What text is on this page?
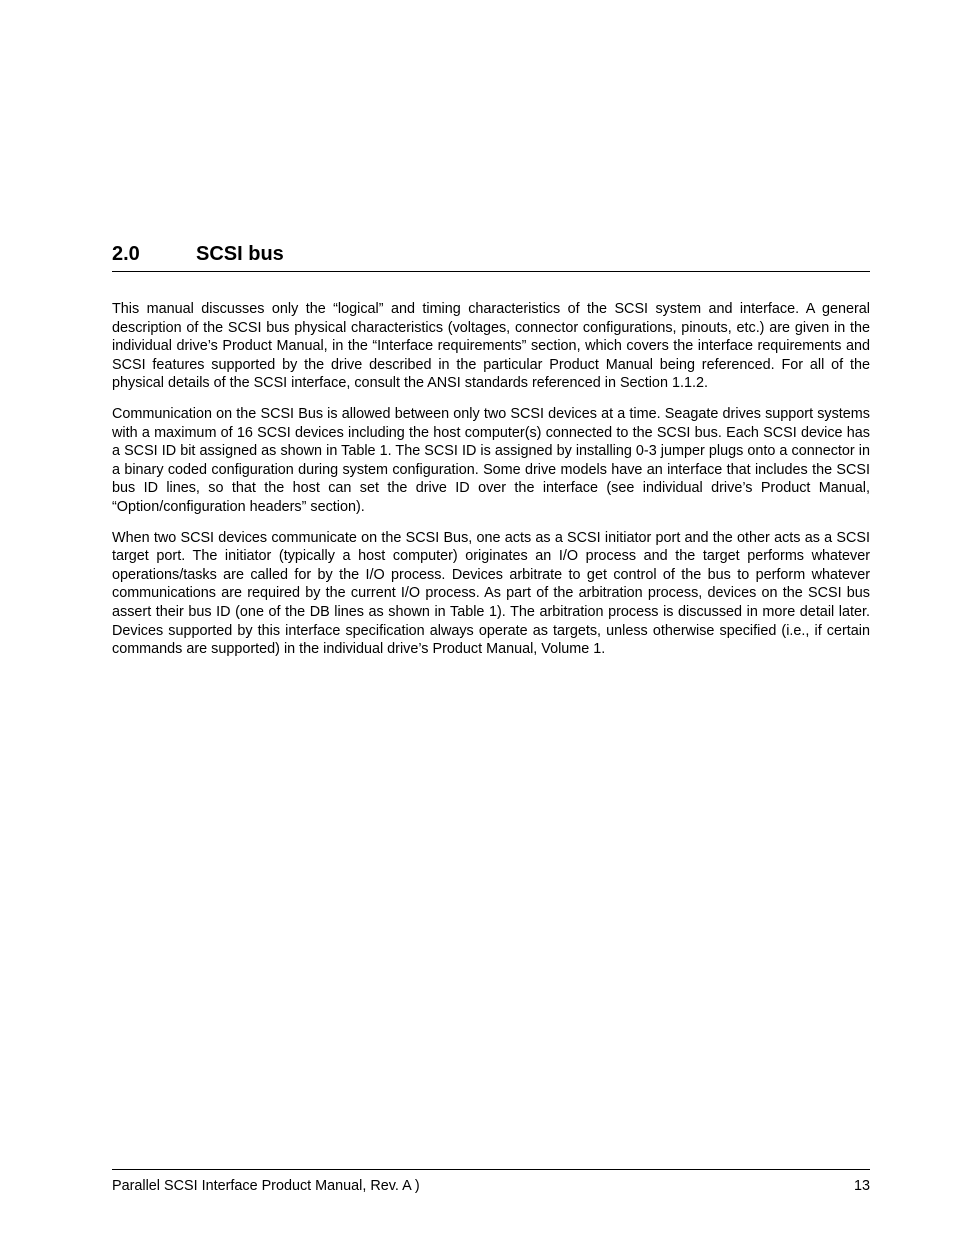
2.0	SCSI bus

This manual discusses only the “logical” and timing characteristics of the SCSI system and interface. A general description of the SCSI bus physical characteristics (voltages, connector configurations, pinouts, etc.) are given in the individual drive’s Product Manual, in the “Interface requirements” section, which covers the interface requirements and SCSI features supported by the drive described in the particular Product Manual being referenced. For all of the physical details of the SCSI interface, consult the ANSI standards referenced in Section 1.1.2.

Communication on the SCSI Bus is allowed between only two SCSI devices at a time. Seagate drives support systems with a maximum of 16 SCSI devices including the host computer(s) connected to the SCSI bus. Each SCSI device has a SCSI ID bit assigned as shown in Table 1. The SCSI ID is assigned by installing 0-3 jumper plugs onto a connector in a binary coded configuration during system configuration. Some drive models have an interface that includes the SCSI bus ID lines, so that the host can set the drive ID over the interface (see individual drive’s Product Manual, “Option/configuration headers” section).

When two SCSI devices communicate on the SCSI Bus, one acts as a SCSI initiator port and the other acts as a SCSI target port. The initiator (typically a host computer) originates an I/O process and the target performs whatever operations/tasks are called for by the I/O process. Devices arbitrate to get control of the bus to perform whatever communications are required by the current I/O process. As part of the arbitration process, devices on the SCSI bus assert their bus ID (one of the DB lines as shown in Table 1). The arbitration process is discussed in more detail later. Devices supported by this interface specification always operate as targets, unless otherwise specified (i.e., if certain commands are supported) in the individual drive’s Product Manual, Volume 1.

Parallel SCSI Interface Product Manual, Rev. A )	13
